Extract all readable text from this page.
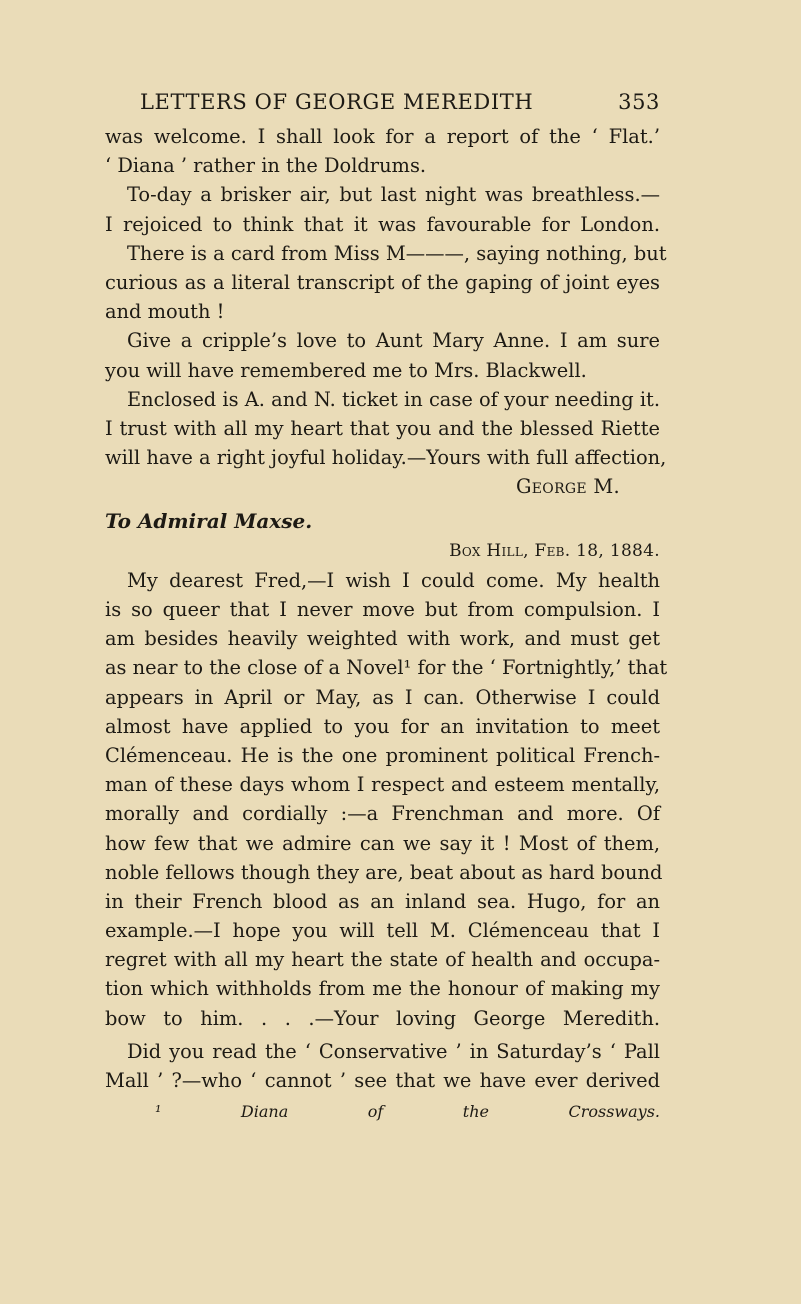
LETTERS OF GEORGE MEREDITH	353
was welcome. I shall look for a report of the ‘ Flat.’
‘ Diana ’ rather in the Doldrums.
To-day a brisker air, but last night was breathless.—
I rejoiced to think that it was favourable for London.
There is a card from Miss M———, saying nothing, but
curious as a literal transcript of the gaping of joint eyes
and mouth !
Give a cripple’s love to Aunt Mary Anne. I am sure
you will have remembered me to Mrs. Blackwell.
Enclosed is A. and N. ticket in case of your needing it.
I trust with all my heart that you and the blessed Riette
will have a right joyful holiday.—Yours with full affection,
George M.
To Admiral Maxse.
Box Hill, Feb. 18, 1884.
My dearest Fred,—I wish I could come. My health
is so queer that I never move but from compulsion. I
am besides heavily weighted with work, and must get
as near to the close of a Novel¹ for the ‘ Fortnightly,’ that
appears in April or May, as I can. Otherwise I could
almost have applied to you for an invitation to meet
Clémenceau. He is the one prominent political French-
man of these days whom I respect and esteem mentally,
morally and cordially :—a Frenchman and more. Of
how few that we admire can we say it ! Most of them,
noble fellows though they are, beat about as hard bound
in their French blood as an inland sea. Hugo, for an
example.—I hope you will tell M. Clémenceau that I
regret with all my heart the state of health and occupa-
tion which withholds from me the honour of making my
bow to him. . . .—Your loving George Meredith.
Did you read the ‘ Conservative ’ in Saturday’s ‘ Pall
Mall ’ ?—who ‘ cannot ’ see that we have ever derived
¹ Diana of the Crossways.
